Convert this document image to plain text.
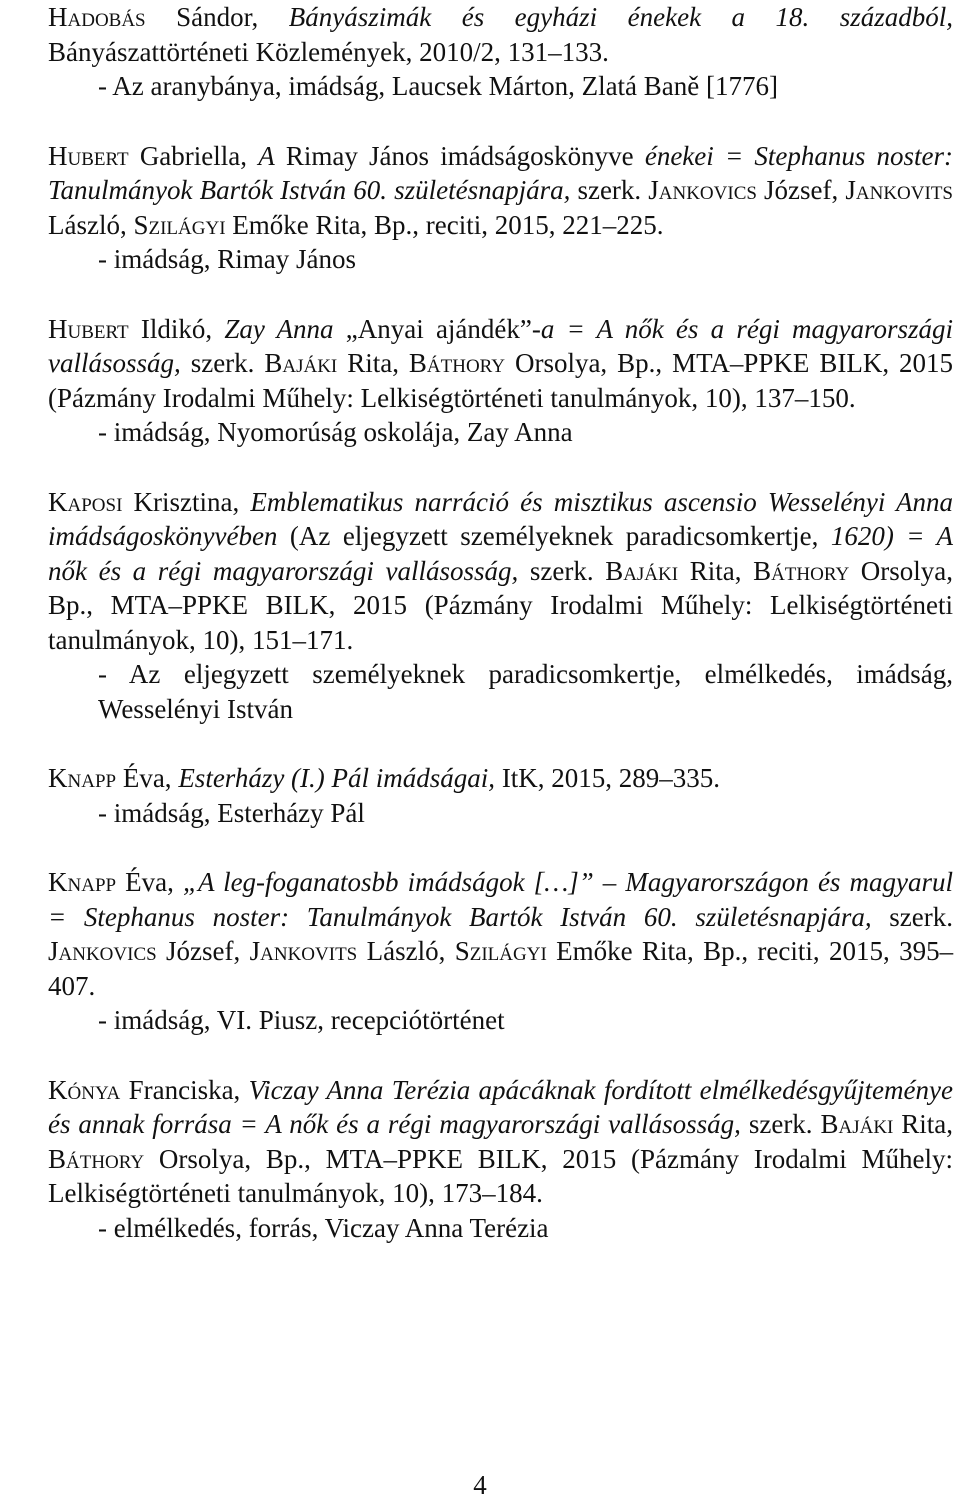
Hadobás Sándor, Bányászimák és egyházi énekek a 18. századból, Bányászattörténeti Közlemények, 2010/2, 131–133.
- Az aranybánya, imádság, Laucsek Márton, Zlatá Baně [1776]

Hubert Gabriella, A Rimay János imádságoskönyve énekei = Stephanus noster: Tanulmányok Bartók István 60. születésnapjára, szerk. Jankovics József, Jankovits László, Szilágyi Emőke Rita, Bp., reciti, 2015, 221–225.
- imádság, Rimay János

Hubert Ildikó, Zay Anna „Anyai ajándék”-a = A nők és a régi magyarországi vallásosság, szerk. Bajáki Rita, Báthory Orsolya, Bp., MTA–PPKE BILK, 2015 (Pázmány Irodalmi Műhely: Lelkiségtörténeti tanulmányok, 10), 137–150.
- imádság, Nyomorúság oskolája, Zay Anna

Kaposi Krisztina, Emblematikus narráció és misztikus ascensio Wesselényi Anna imádságoskönyvében (Az eljegyzett személyeknek paradicsomkertje, 1620) = A nők és a régi magyarországi vallásosság, szerk. Bajáki Rita, Báthory Orsolya, Bp., MTA–PPKE BILK, 2015 (Pázmány Irodalmi Műhely: Lelkiségtörténeti tanulmányok, 10), 151–171.
- Az eljegyzett személyeknek paradicsomkertje, elmélkedés, imádság, Wesselényi István

Knapp Éva, Esterházy (I.) Pál imádságai, ItK, 2015, 289–335.
- imádság, Esterházy Pál

Knapp Éva, „A leg-foganatosbb imádságok […]” – Magyarországon és magyarul = Stephanus noster: Tanulmányok Bartók István 60. születésnapjára, szerk. Jankovics József, Jankovits László, Szilágyi Emőke Rita, Bp., reciti, 2015, 395–407.
- imádság, VI. Piusz, recepciótörténet

Kónya Franciska, Viczay Anna Terézia apácáknak fordított elmélkedésgyűjteménye és annak forrása = A nők és a régi magyarországi vallásosság, szerk. Bajáki Rita, Báthory Orsolya, Bp., MTA–PPKE BILK, 2015 (Pázmány Irodalmi Műhely: Lelkiségtörténeti tanulmányok, 10), 173–184.
- elmélkedés, forrás, Viczay Anna Terézia

4
